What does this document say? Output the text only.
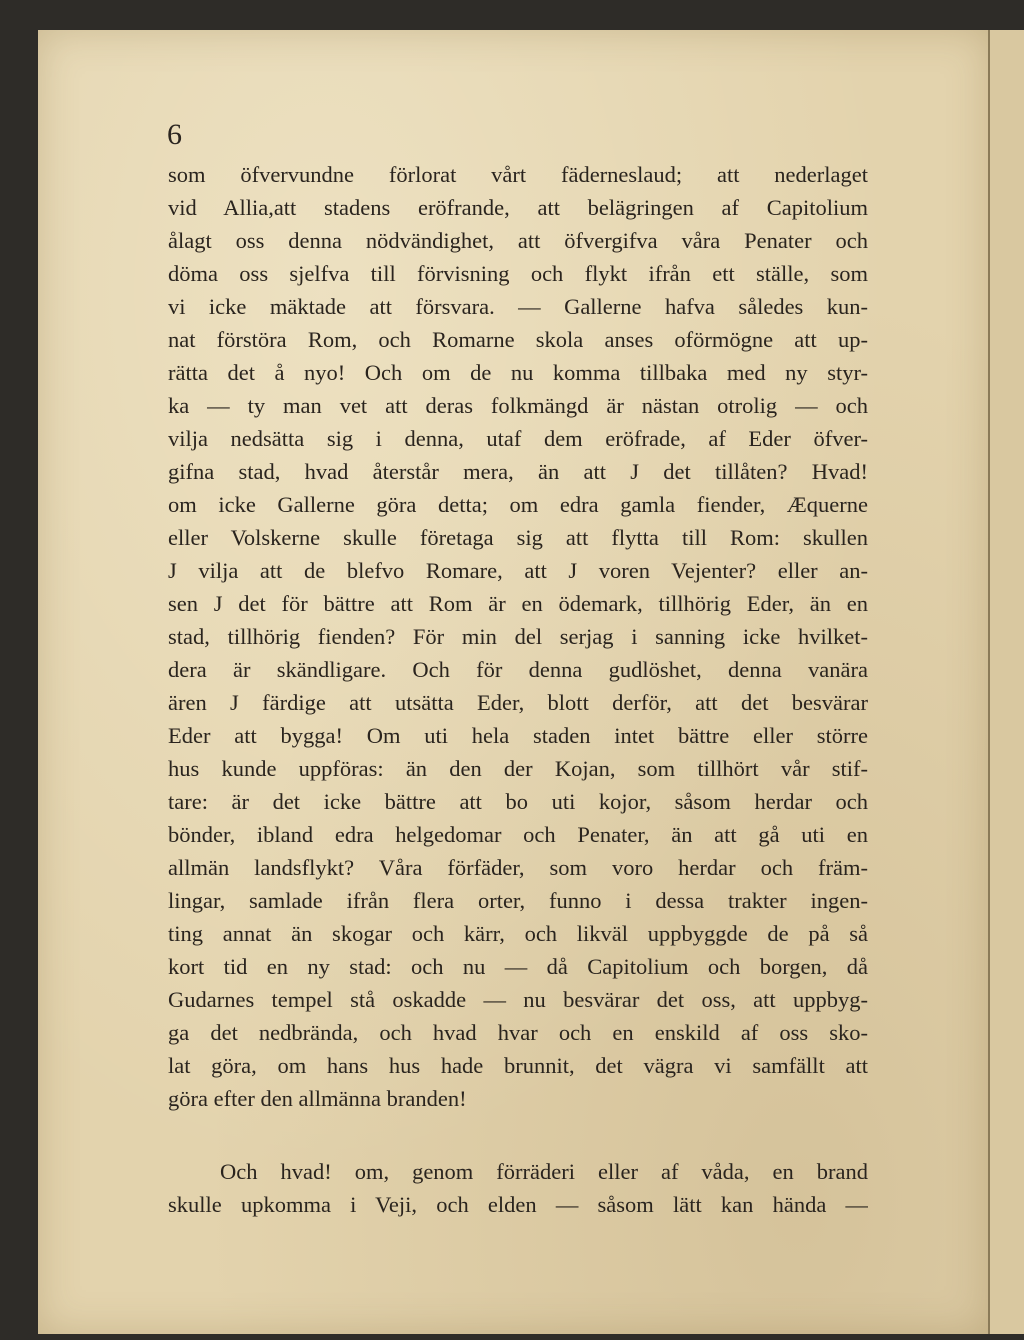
6
som öfvervundne förlorat vårt fäderneslaud; att nederlaget
vid Allia,att stadens eröfrande, att belägringen af Capitolium
ålagt oss denna nödvändighet, att öfvergifva våra Penater och
döma oss sjelfva till förvisning och flykt ifrån ett ställe, som
vi icke mäktade att försvara. — Gallerne hafva således kun-
nat förstöra Rom, och Romarne skola anses oförmögne att up-
rätta det å nyo! Och om de nu komma tillbaka med ny styr-
ka — ty man vet att deras folkmängd är nästan otrolig — och
vilja nedsätta sig i denna, utaf dem eröfrade, af Eder öfver-
gifna stad, hvad återstår mera, än att J det tillåten? Hvad!
om icke Gallerne göra detta; om edra gamla fiender, Æquerne
eller Volskerne skulle företaga sig att flytta till Rom: skullen
J vilja att de blefvo Romare, att J voren Vejenter? eller an-
sen J det för bättre att Rom är en ödemark, tillhörig Eder, än en
stad, tillhörig fienden? För min del serjag i sanning icke hvilket-
dera är skändligare. Och för denna gudlöshet, denna vanära
ären J färdige att utsätta Eder, blott derför, att det besvärar
Eder att bygga! Om uti hela staden intet bättre eller större
hus kunde uppföras: än den der Kojan, som tillhört vår stif-
tare: är det icke bättre att bo uti kojor, såsom herdar och
bönder, ibland edra helgedomar och Penater, än att gå uti en
allmän landsflykt? Våra förfäder, som voro herdar och främ-
lingar, samlade ifrån flera orter, funno i dessa trakter ingen-
ting annat än skogar och kärr, och likväl uppbyggde de på så
kort tid en ny stad: och nu — då Capitolium och borgen, då
Gudarnes tempel stå oskadde — nu besvärar det oss, att uppbyg-
ga det nedbrända, och hvad hvar och en enskild af oss sko-
lat göra, om hans hus hade brunnit, det vägra vi samfällt att
göra efter den allmänna branden!
Och hvad! om, genom förräderi eller af våda, en brand
skulle upkomma i Veji, och elden — såsom lätt kan hända —
